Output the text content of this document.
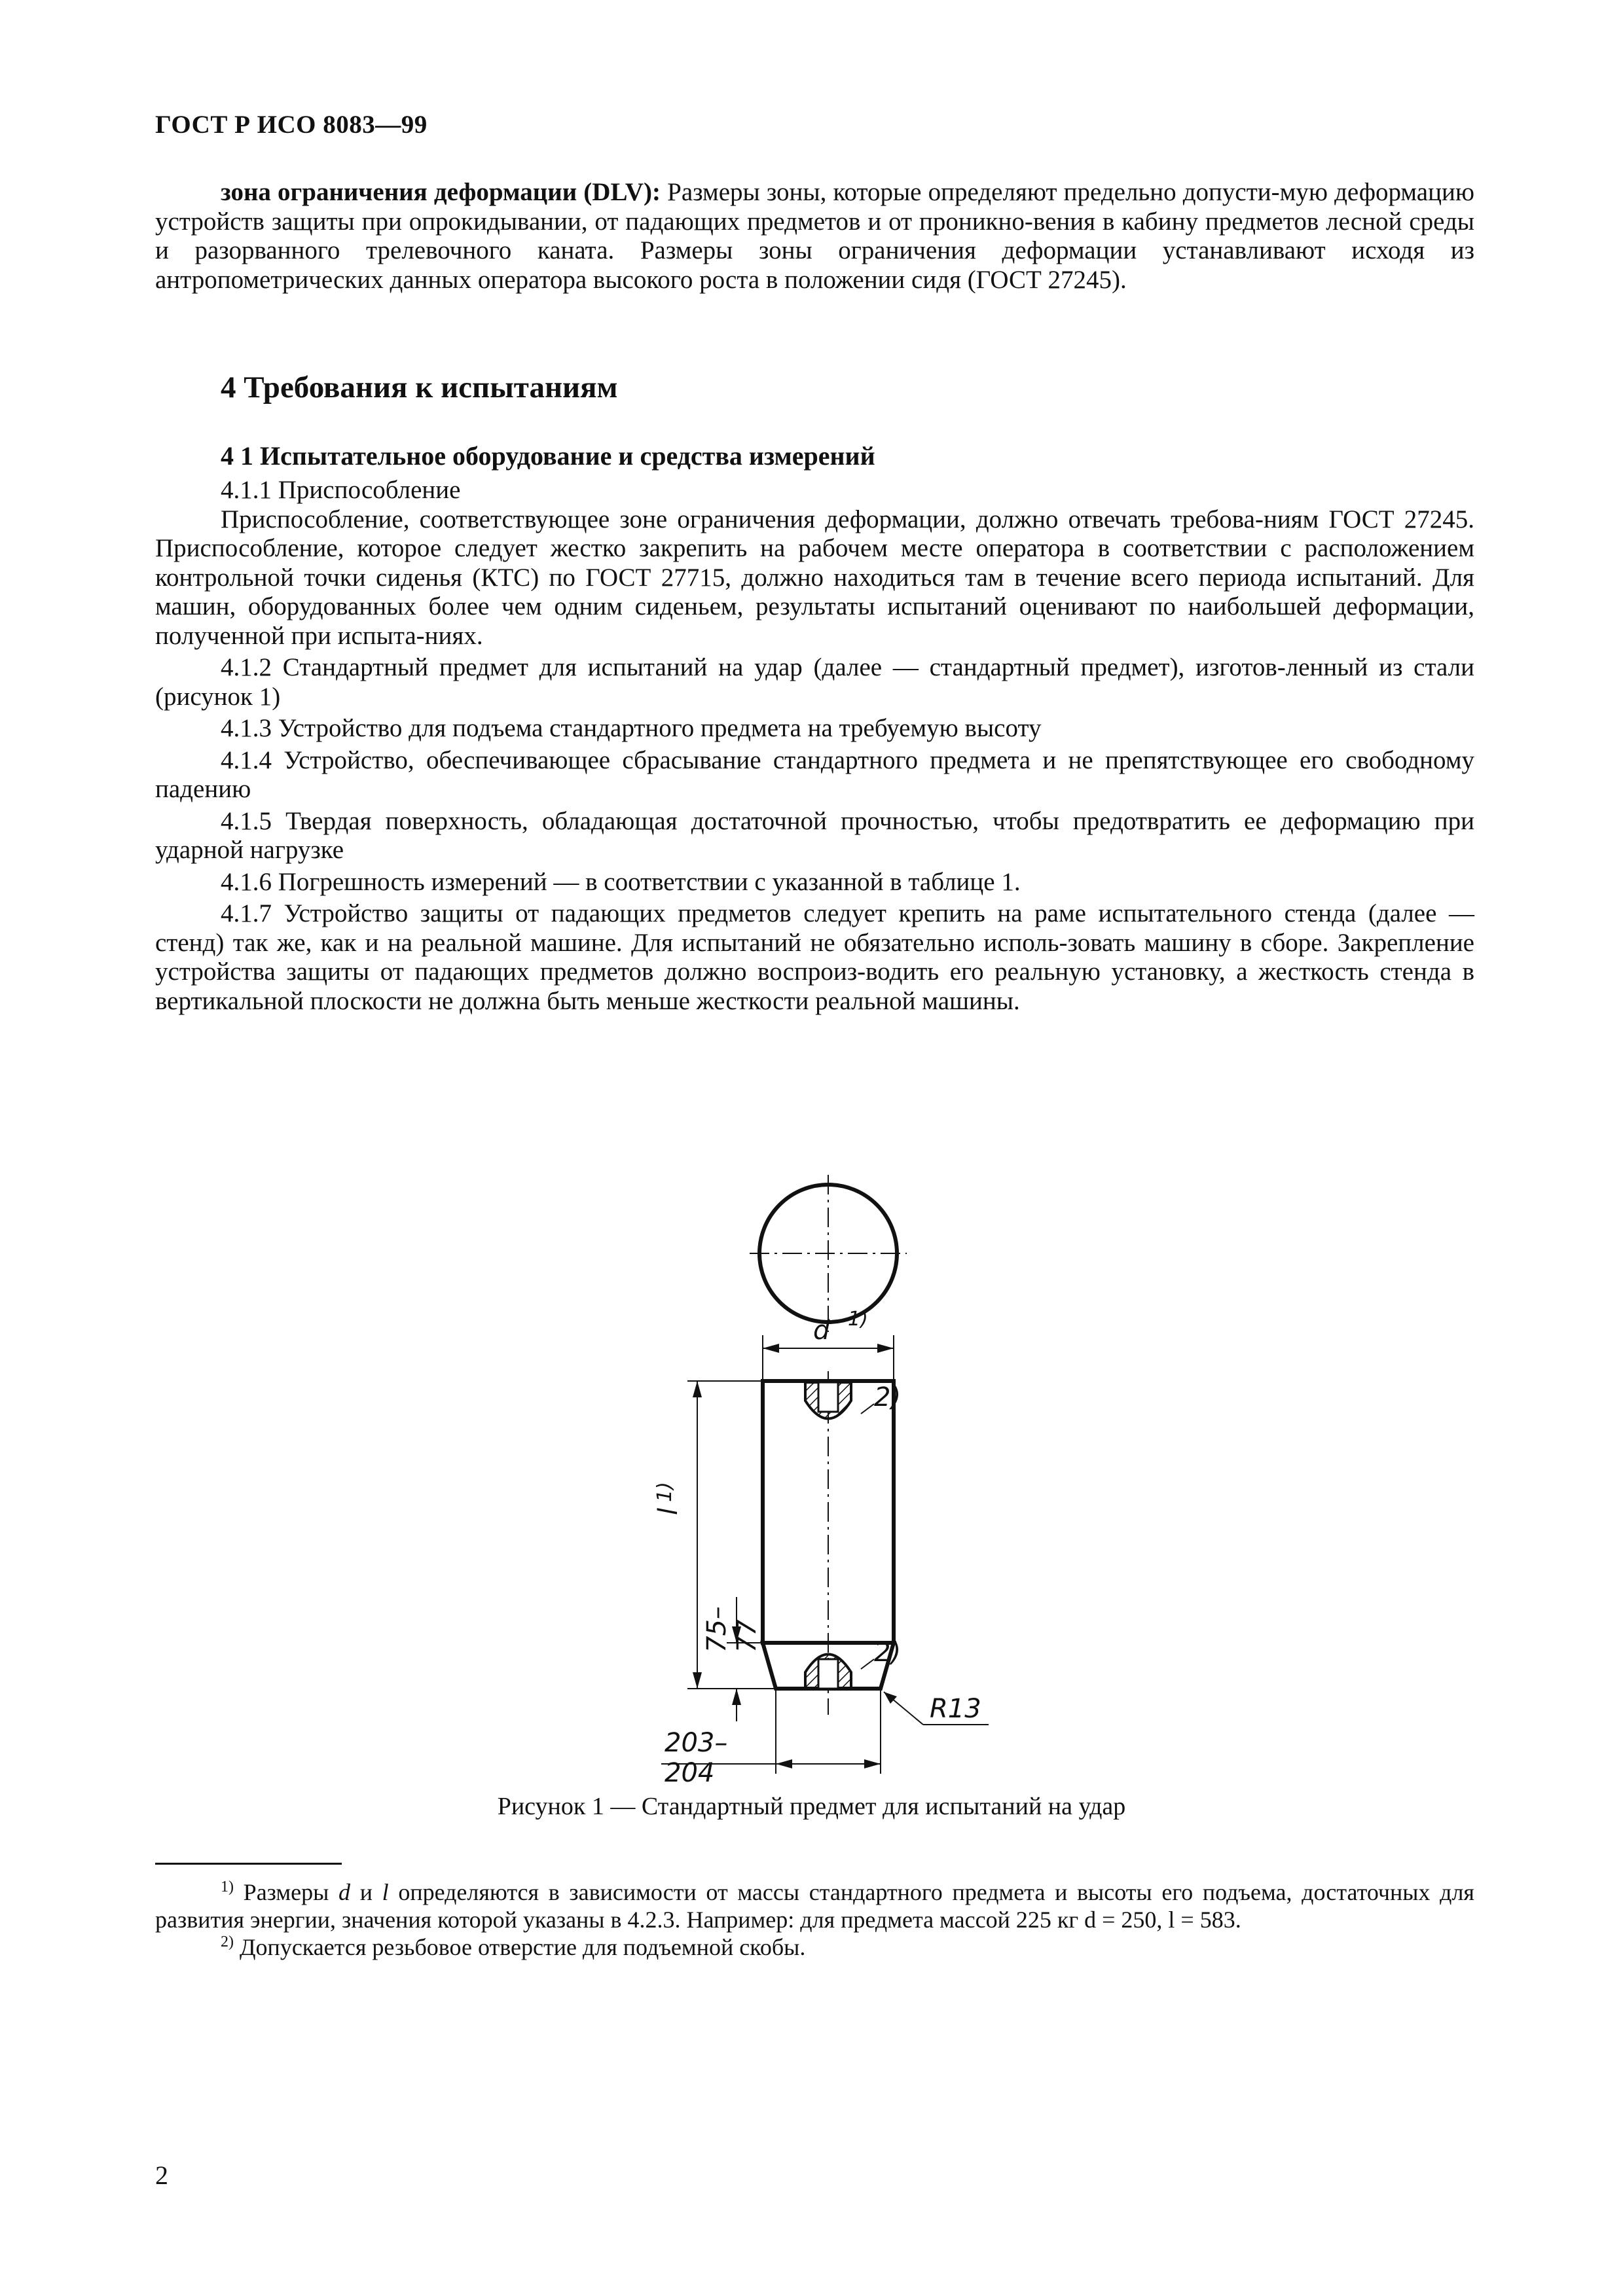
ГОСТ Р ИСО 8083—99

зона ограничения деформации (DLV): Размеры зоны, которые определяют предельно допусти-мую деформацию устройств защиты при опрокидывании, от падающих предметов и от проникно-вения в кабину предметов лесной среды и разорванного трелевочного каната. Размеры зоны ограничения деформации устанавливают исходя из антропометрических данных оператора высокого роста в положении сидя (ГОСТ 27245).

4 Требования к испытаниям
4 1 Испытательное оборудование и средства измерений

4.1.1 Приспособление

Приспособление, соответствующее зоне ограничения деформации, должно отвечать требова-ниям ГОСТ 27245. Приспособление, которое следует жестко закрепить на рабочем месте оператора в соответствии с расположением контрольной точки сиденья (КТС) по ГОСТ 27715, должно находиться там в течение всего периода испытаний. Для машин, оборудованных более чем одним сиденьем, результаты испытаний оценивают по наибольшей деформации, полученной при испыта-ниях.

4.1.2 Стандартный предмет для испытаний на удар (далее — стандартный предмет), изготов-ленный из стали (рисунок 1)

4.1.3 Устройство для подъема стандартного предмета на требуемую высоту

4.1.4 Устройство, обеспечивающее сбрасывание стандартного предмета и не препятствующее его свободному падению

4.1.5 Твердая поверхность, обладающая достаточной прочностью, чтобы предотвратить ее деформацию при ударной нагрузке

4.1.6 Погрешность измерений — в соответствии с указанной в таблице 1.

4.1.7 Устройство защиты от падающих предметов следует крепить на раме испытательного стенда (далее — стенд) так же, как и на реальной машине. Для испытаний не обязательно исполь-зовать машину в сборе. Закрепление устройства защиты от падающих предметов должно воспроиз-водить его реальную установку, а жесткость стенда в вертикальной плоскости не должна быть меньше жесткости реальной машины.

d 1)
2)
2)
l
1)
75–77
203–204
R13
Рисунок 1 — Стандартный предмет для испытаний на удар

$^{1)}$ Размеры d и l определяются в зависимости от массы стандартного предмета и высоты его подъема, достаточных для развития энергии, значения которой указаны в 4.2.3. Например: для предмета массой 225 кг d = 250, l = 583.

$^{2)}$ Допускается резьбовое отверстие для подъемной скобы.

2
